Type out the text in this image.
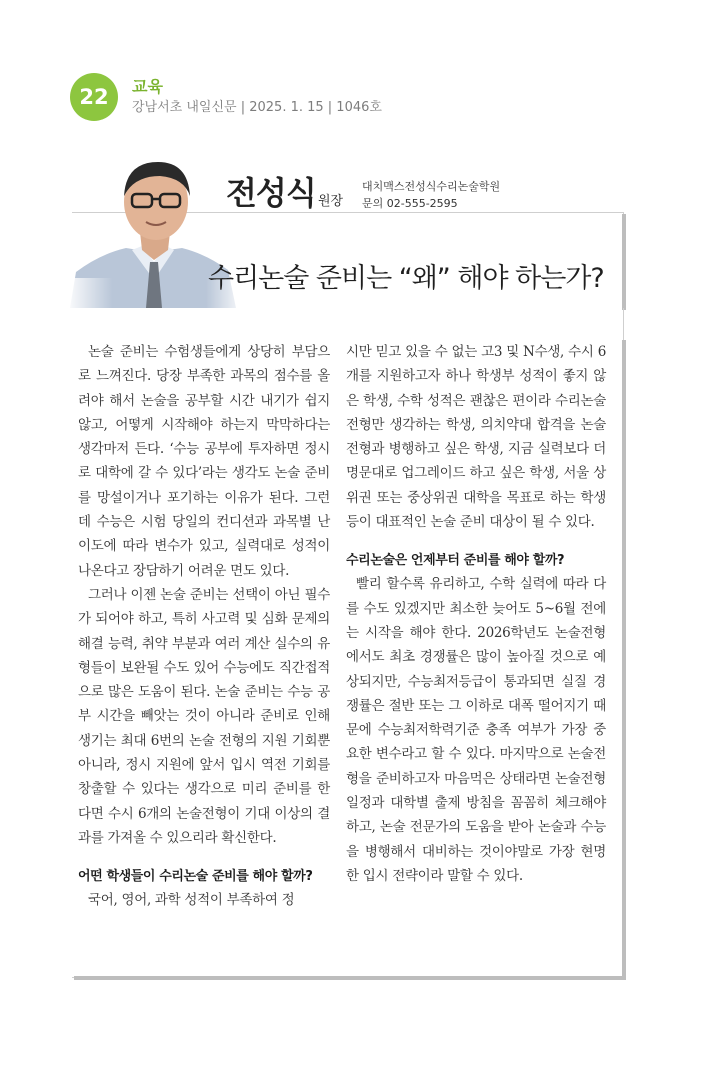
22	교육
강남서초 내일신문 | 2025. 1. 15 | 1046호
전성식 원장
대치맥스전성식수리논술학원
문의 02-555-2595
수리논술 준비는 “왜” 해야 하는가?

논술 준비는 수험생들에게 상당히 부담으로 느껴진다. 당장 부족한 과목의 점수를 올려야 해서 논술을 공부할 시간 내기가 쉽지 않고, 어떻게 시작해야 하는지 막막하다는 생각마저 든다. ‘수능 공부에 투자하면 정시로 대학에 갈 수 있다’라는 생각도 논술 준비를 망설이거나 포기하는 이유가 된다. 그런데 수능은 시험 당일의 컨디션과 과목별 난이도에 따라 변수가 있고, 실력대로 성적이 나온다고 장담하기 어려운 면도 있다.

그러나 이젠 논술 준비는 선택이 아닌 필수가 되어야 하고, 특히 사고력 및 심화 문제의 해결 능력, 취약 부분과 여러 계산 실수의 유형들이 보완될 수도 있어 수능에도 직간접적으로 많은 도움이 된다. 논술 준비는 수능 공부 시간을 빼앗는 것이 아니라 준비로 인해 생기는 최대 6번의 논술 전형의 지원 기회뿐 아니라, 정시 지원에 앞서 입시 역전 기회를 창출할 수 있다는 생각으로 미리 준비를 한다면 수시 6개의 논술전형이 기대 이상의 결과를 가져올 수 있으리라 확신한다.

어떤 학생들이 수리논술 준비를 해야 할까?

국어, 영어, 과학 성적이 부족하여 정

시만 믿고 있을 수 없는 고3 및 N수생, 수시 6개를 지원하고자 하나 학생부 성적이 좋지 않은 학생, 수학 성적은 괜찮은 편이라 수리논술전형만 생각하는 학생, 의치약대 합격을 논술전형과 병행하고 싶은 학생, 지금 실력보다 더 명문대로 업그레이드 하고 싶은 학생, 서울 상위권 또는 중상위권 대학을 목표로 하는 학생 등이 대표적인 논술 준비 대상이 될 수 있다.

수리논술은 언제부터 준비를 해야 할까?

빨리 할수록 유리하고, 수학 실력에 따라 다를 수도 있겠지만 최소한 늦어도 5~6월 전에는 시작을 해야 한다. 2026학년도 논술전형에서도 최초 경쟁률은 많이 높아질 것으로 예상되지만, 수능최저등급이 통과되면 실질 경쟁률은 절반 또는 그 이하로 대폭 떨어지기 때문에 수능최저학력기준 충족 여부가 가장 중요한 변수라고 할 수 있다. 마지막으로 논술전형을 준비하고자 마음먹은 상태라면 논술전형 일정과 대학별 출제 방침을 꼼꼼히 체크해야 하고, 논술 전문가의 도움을 받아 논술과 수능을 병행해서 대비하는 것이야말로 가장 현명한 입시 전략이라 말할 수 있다.
